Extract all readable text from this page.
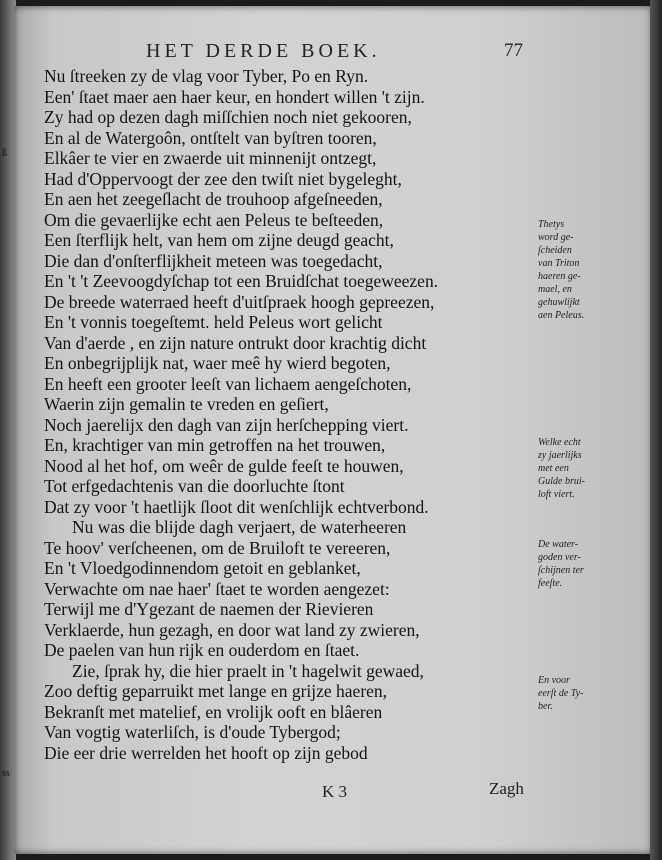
ß
ss
HET DERDE BOEK.	77
Nu ſtreeken zy de vlag voor Tyber, Po en Ryn.
Een' ſtaet maer aen haer keur, en hondert willen 't zijn.
Zy had op dezen dagh miſſchien noch niet gekooren,
En al de Watergoôn, ontſtelt van byſtren tooren,
Elkâer te vier en zwaerde uit minnenijt ontzegt,
Had d'Oppervoogt der zee den twiſt niet bygeleght,
En aen het zeegeſlacht de trouhoop afgeſneeden,
Om die gevaerlijke echt aen Peleus te beſteeden,
Een ſterflijk helt, van hem om zijne deugd geacht,
Die dan d'onſterflijkheit meteen was toegedacht,
En 't 't Zeevoogdyſchap tot een Bruidſchat toegeweezen.
De breede waterraed heeft d'uitſpraek hoogh gepreezen,
En 't vonnis toegeſtemt. held Peleus wort gelicht
Van d'aerde , en zijn nature ontrukt door krachtig dicht
En onbegrijplijk nat, waer meê hy wierd begoten,
En heeft een grooter leeſt van lichaem aengeſchoten,
Waerin zijn gemalin te vreden en geſiert,
Noch jaerelijx den dagh van zijn herſchepping viert.
En, krachtiger van min getroffen na het trouwen,
Nood al het hof, om weêr de gulde feeſt te houwen,
Tot erfgedachtenis van die doorluchte ſtont
Dat zy voor 't haetlijk ſloot dit wenſchlijk echtverbond.
Nu was die blijde dagh verjaert, de waterheeren
Te hoov' verſcheenen, om de Bruiloft te vereeren,
En 't Vloedgodinnendom getoit en geblanket,
Verwachte om nae haer' ſtaet te worden aengezet:
Terwijl me d'Ygezant de naemen der Rievieren
Verklaerde, hun gezagh, en door wat land zy zwieren,
De paelen van hun rijk en ouderdom en ſtaet.
Zie, ſprak hy, die hier praelt in 't hagelwit gewaed,
Zoo deftig geparruikt met lange en grijze haeren,
Bekranſt met matelief, en vrolijk ooft en blâeren
Van vogtig waterliſch, is d'oude Tybergod;
Die eer drie werrelden het hooft op zijn gebod
Thetys
word ge-
ſcheiden
van Triton
haeren ge-
mael, en
gehuwlijkt
aen Peleus.
Welke echt
zy jaerlijks
met een
Gulde brui-
loft viert.
De water-
goden ver-
ſchijnen ter
feeſte.
En voor
eerſt de Ty-
ber.
K 3	Zagh
